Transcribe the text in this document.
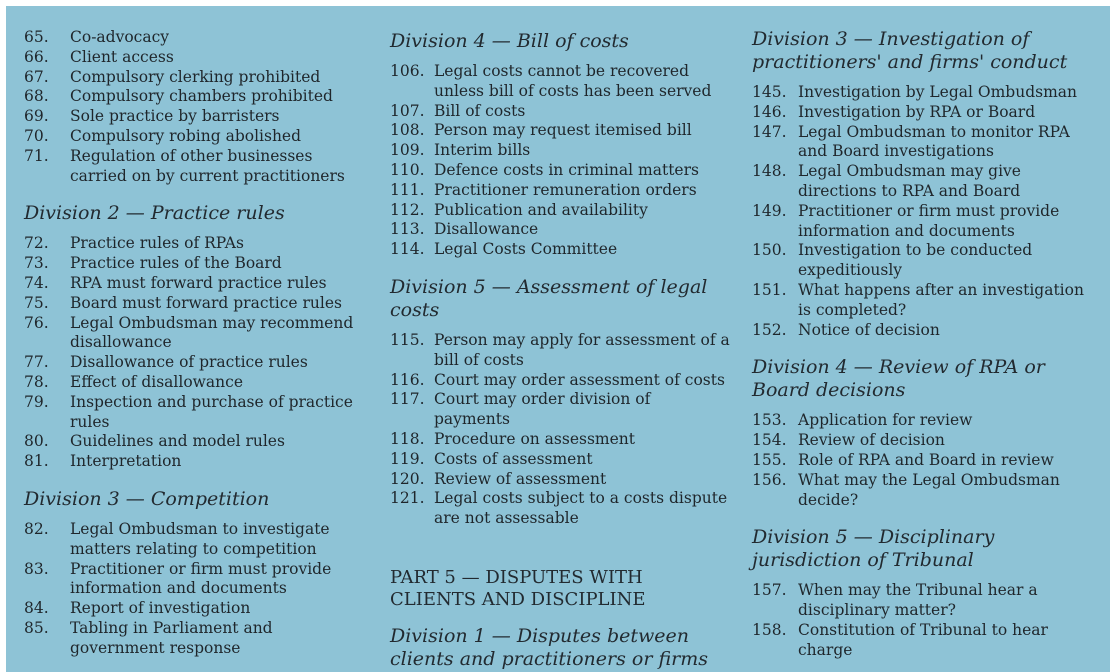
65.	Co-advocacy
66.	Client access
67.	Compulsory clerking prohibited
68.	Compulsory chambers prohibited
69.	Sole practice by barristers
70.	Compulsory robing abolished
71.	Regulation of other businesses carried on by current practitioners
Division 2 — Practice rules
72.	Practice rules of RPAs
73.	Practice rules of the Board
74.	RPA must forward practice rules
75.	Board must forward practice rules
76.	Legal Ombudsman may recommend disallowance
77.	Disallowance of practice rules
78.	Effect of disallowance
79.	Inspection and purchase of practice rules
80.	Guidelines and model rules
81.	Interpretation
Division 3 — Competition
82.	Legal Ombudsman to investigate matters relating to competition
83.	Practitioner or firm must provide information and documents
84.	Report of investigation
85.	Tabling in Parliament and government response
Division 4 — Bill of costs
106. Legal costs cannot be recovered unless bill of costs has been served
107. Bill of costs
108. Person may request itemised bill
109. Interim bills
110. Defence costs in criminal matters
111. Practitioner remuneration orders
112. Publication and availability
113. Disallowance
114. Legal Costs Committee
Division 5 — Assessment of legal costs
115. Person may apply for assessment of a bill of costs
116. Court may order assessment of costs
117. Court may order division of payments
118. Procedure on assessment
119. Costs of assessment
120. Review of assessment
121. Legal costs subject to a costs dispute are not assessable
PART 5 — DISPUTES WITH CLIENTS AND DISCIPLINE
Division 1 — Disputes between clients and practitioners or firms
Division 3 — Investigation of practitioners' and firms' conduct
145. Investigation by Legal Ombudsman
146. Investigation by RPA or Board
147. Legal Ombudsman to monitor RPA and Board investigations
148. Legal Ombudsman may give directions to RPA and Board
149. Practitioner or firm must provide information and documents
150. Investigation to be conducted expeditiously
151. What happens after an investigation is completed?
152. Notice of decision
Division 4 — Review of RPA or Board decisions
153. Application for review
154. Review of decision
155. Role of RPA and Board in review
156. What may the Legal Ombudsman decide?
Division 5 — Disciplinary jurisdiction of Tribunal
157. When may the Tribunal hear a disciplinary matter?
158. Constitution of Tribunal to hear charge
